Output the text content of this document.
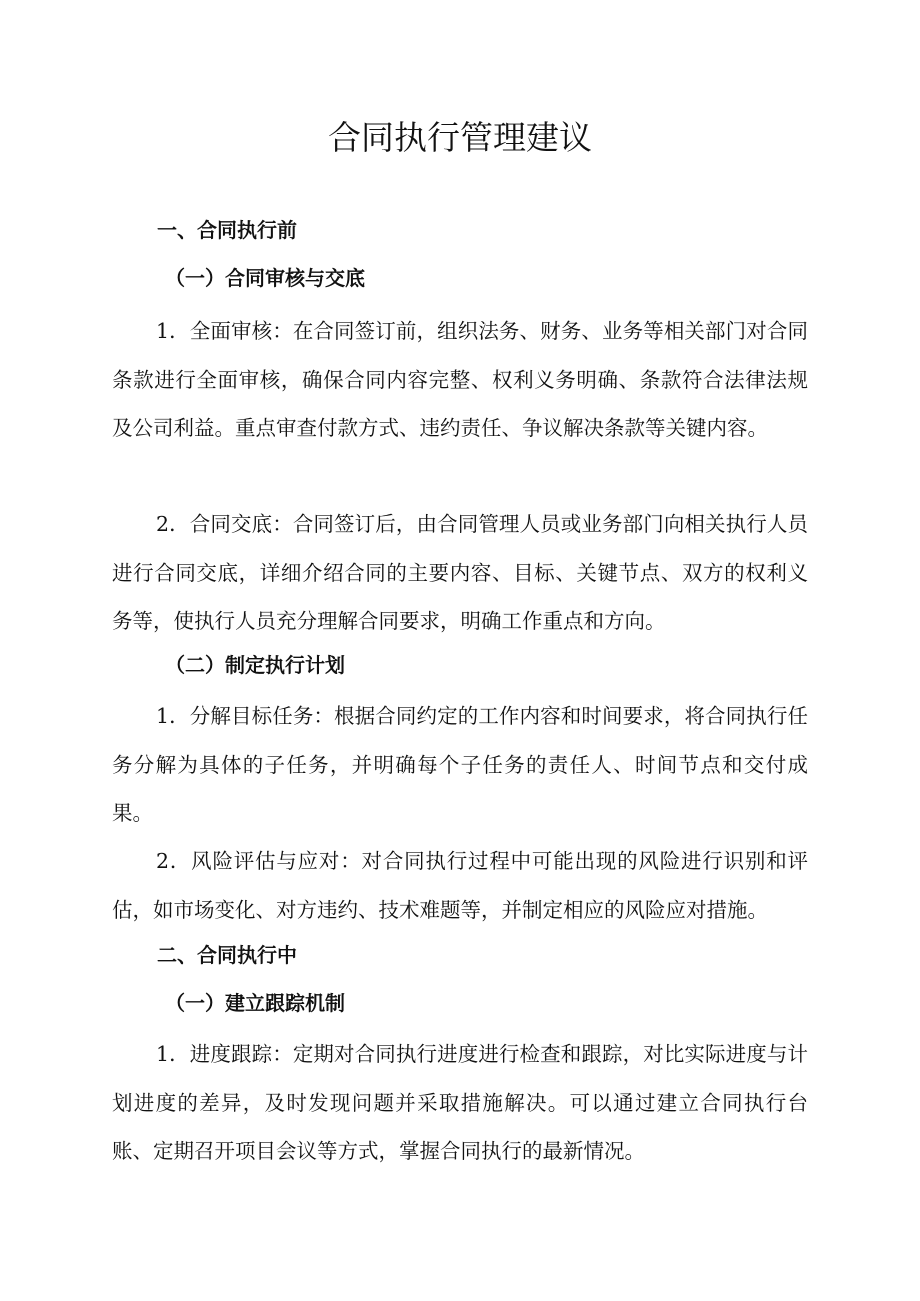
合同执行管理建议
一、合同执行前
（一）合同审核与交底

1．全面审核：在合同签订前，组织法务、财务、业务等相关部门对合同条款进行全面审核，确保合同内容完整、权利义务明确、条款符合法律法规及公司利益。重点审查付款方式、违约责任、争议解决条款等关键内容。

2．合同交底：合同签订后，由合同管理人员或业务部门向相关执行人员进行合同交底，详细介绍合同的主要内容、目标、关键节点、双方的权利义务等，使执行人员充分理解合同要求，明确工作重点和方向。

（二）制定执行计划

1．分解目标任务：根据合同约定的工作内容和时间要求，将合同执行任务分解为具体的子任务，并明确每个子任务的责任人、时间节点和交付成果。

2．风险评估与应对：对合同执行过程中可能出现的风险进行识别和评估，如市场变化、对方违约、技术难题等，并制定相应的风险应对措施。

二、合同执行中
（一）建立跟踪机制

1．进度跟踪：定期对合同执行进度进行检查和跟踪，对比实际进度与计划进度的差异，及时发现问题并采取措施解决。可以通过建立合同执行台账、定期召开项目会议等方式，掌握合同执行的最新情况。
